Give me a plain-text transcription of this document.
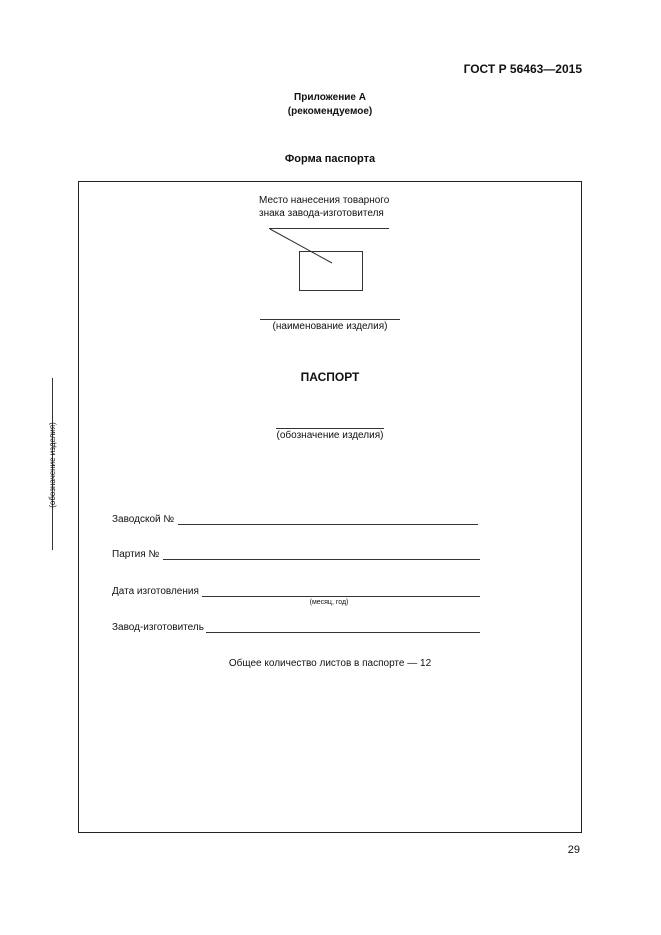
ГОСТ Р 56463—2015
Приложение А
(рекомендуемое)
Форма паспорта
(обозначение изделия)
Место нанесения товарного
знака завода-изготовителя
(наименование изделия)
ПАСПОРТ
(обозначение изделия)
Заводской №
Партия №
Дата изготовления
(месяц, год)
Завод-изготовитель
Общее количество листов в паспорте — 12
29
